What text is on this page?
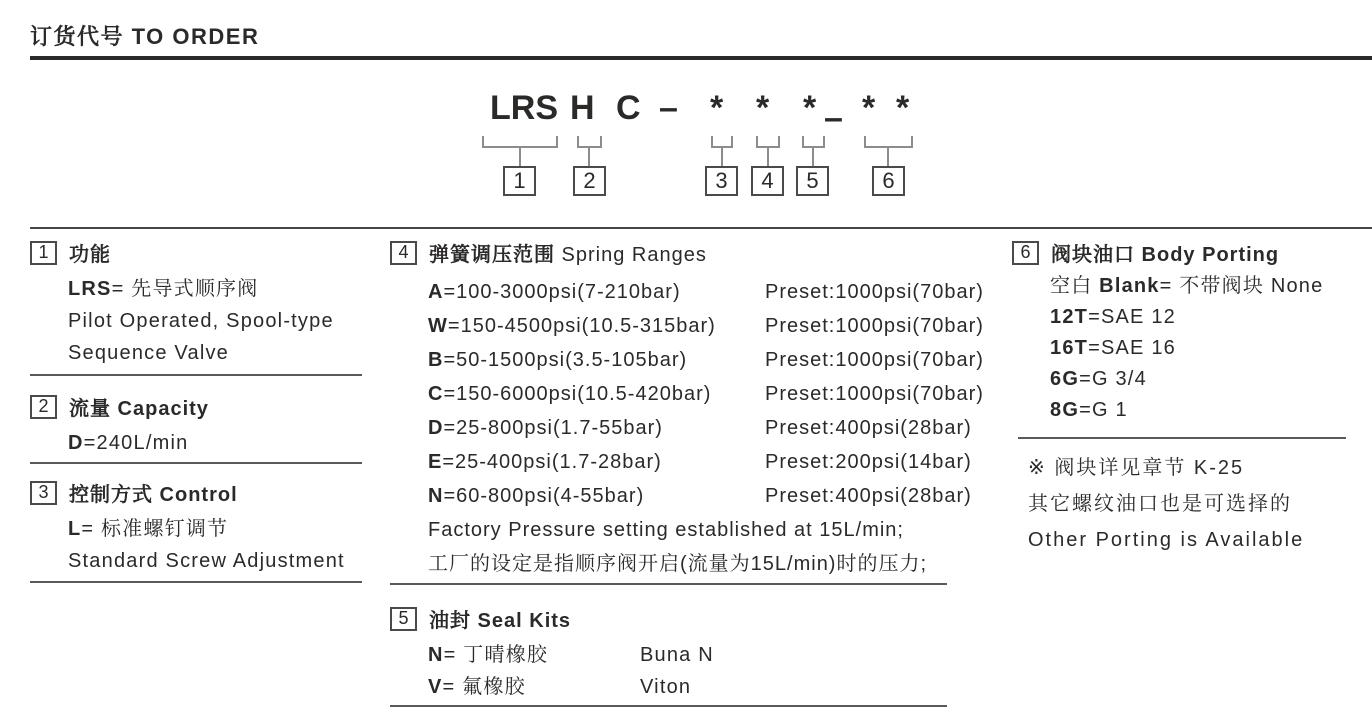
订货代号 TO ORDER
LRS H C – * * * – * *
1	2	3	4	5	6
1	功能
LRS= 先导式顺序阀
Pilot Operated, Spool-type
Sequence Valve
2	流量 Capacity
D=240L/min
3	控制方式 Control
L= 标准螺钉调节
Standard Screw Adjustment
4	弹簧调压范围 Spring Ranges
A=100-3000psi(7-210bar)	Preset:1000psi(70bar)
W=150-4500psi(10.5-315bar) Preset:1000psi(70bar)
B=50-1500psi(3.5-105bar)	Preset:1000psi(70bar)
C=150-6000psi(10.5-420bar)	Preset:1000psi(70bar)
D=25-800psi(1.7-55bar)	Preset:400psi(28bar)
E=25-400psi(1.7-28bar)	Preset:200psi(14bar)
N=60-800psi(4-55bar)	Preset:400psi(28bar)
Factory Pressure setting established at 15L/min;
工厂的设定是指顺序阀开启(流量为15L/min)时的压力;
5	油封 Seal Kits
N= 丁晴橡胶	Buna N
V= 氟橡胶	Viton
6	阀块油口 Body Porting
空白 Blank= 不带阀块 None
12T=SAE 12
16T=SAE 16
6G=G 3/4
8G=G 1
※ 阀块详见章节 K-25
其它螺纹油口也是可选择的
Other Porting is Available
